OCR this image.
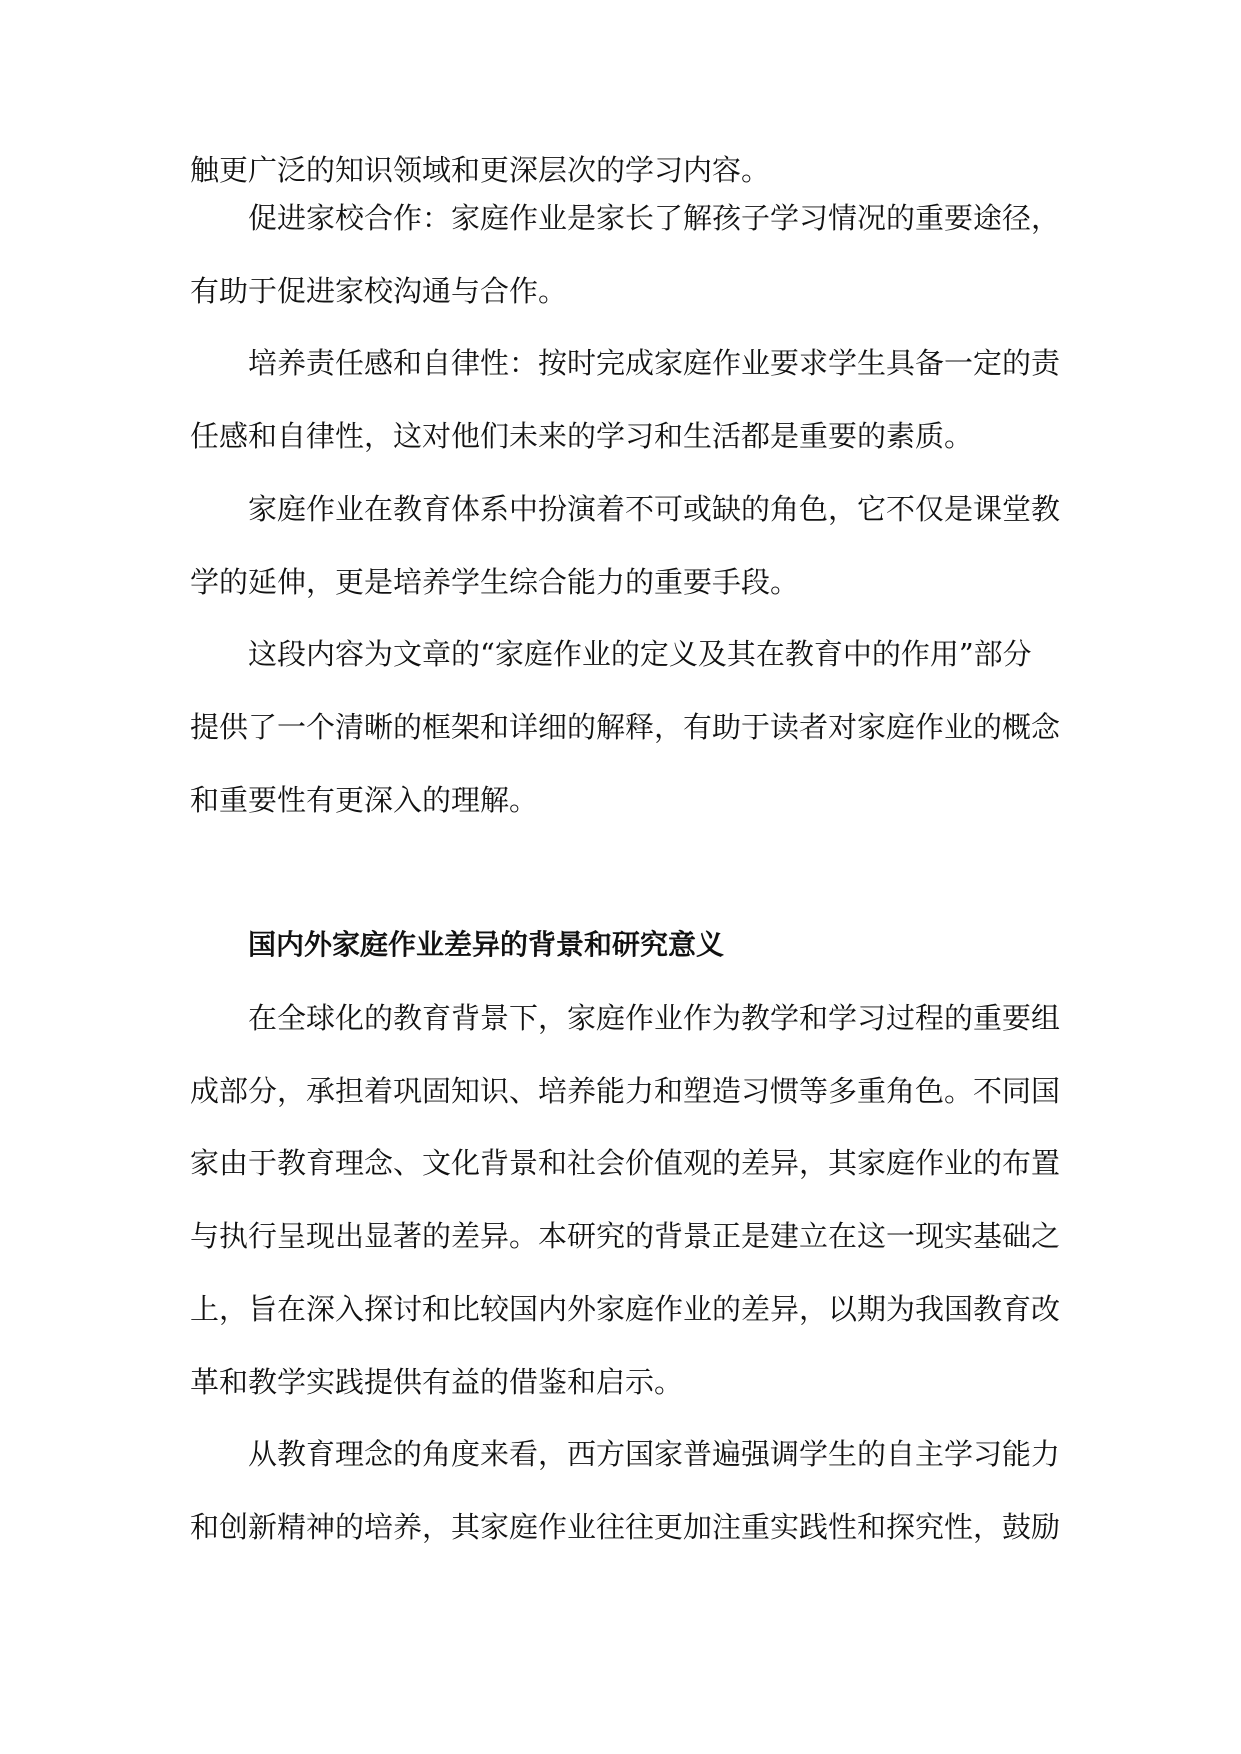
触更广泛的知识领域和更深层次的学习内容。
促进家校合作：家庭作业是家长了解孩子学习情况的重要途径，
有助于促进家校沟通与合作。
培养责任感和自律性：按时完成家庭作业要求学生具备一定的责
任感和自律性，这对他们未来的学习和生活都是重要的素质。
家庭作业在教育体系中扮演着不可或缺的角色，它不仅是课堂教
学的延伸，更是培养学生综合能力的重要手段。
这段内容为文章的“家庭作业的定义及其在教育中的作用”部分
提供了一个清晰的框架和详细的解释，有助于读者对家庭作业的概念
和重要性有更深入的理解。
国内外家庭作业差异的背景和研究意义
在全球化的教育背景下，家庭作业作为教学和学习过程的重要组
成部分，承担着巩固知识、培养能力和塑造习惯等多重角色。不同国
家由于教育理念、文化背景和社会价值观的差异，其家庭作业的布置
与执行呈现出显著的差异。本研究的背景正是建立在这一现实基础之
上，旨在深入探讨和比较国内外家庭作业的差异，以期为我国教育改
革和教学实践提供有益的借鉴和启示。
从教育理念的角度来看，西方国家普遍强调学生的自主学习能力
和创新精神的培养，其家庭作业往往更加注重实践性和探究性，鼓励
